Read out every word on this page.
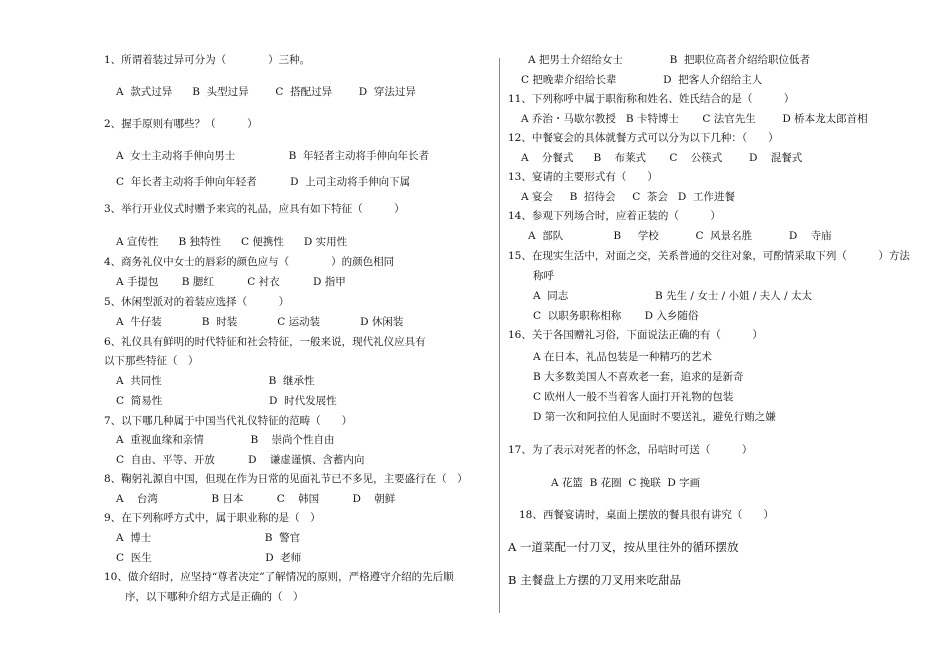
1、所谓着装过异可分为（　　　　）三种。
A  款式过异      B  头型过异        C  搭配过异        D  穿法过异
2、握手原则有哪些？（　　　）
A  女士主动将手伸向男士                B  年轻者主动将手伸向年长者
C  年长者主动将手伸向年轻者          D  上司主动将手伸向下属
3、举行开业仪式时赠予来宾的礼品，应具有如下特征（　　　）
A 宣传性      B 独特性      C 便携性      D 实用性
4、商务礼仪中女士的唇彩的颜色应与（　　　　）的颜色相同
A 手提包       B 腮红          C 衬衣          D 指甲
5、休闲型派对的着装应选择（　　　）
A  牛仔装            B  时装            C 运动装            D 休闲装
6、礼仪具有鲜明的时代特征和社会特征，一般来说，现代礼仪应具有
以下那些特征（　）
A  共同性                                B  继承性
C  简易性                                D  时代发展性
7、以下哪几种属于中国当代礼仪特征的范畴（　　）
A  重视血缘和亲情              B    崇尚个性自由
C  自由、平等、开放          D    谦虚谨慎、含蓄内向
8、鞠躬礼源自中国，但现在作为日常的见面礼节已不多见，主要盛行在（　）
A    台湾                B 日本          C    韩国          D    朝鲜
9、在下列称呼方式中，属于职业称的是（　）
A  博士                                  B  警官
C  医生                                  D  老师
10、做介绍时，应坚持“尊者决定”了解情况的原则，严格遵守介绍的先后顺
序，以下哪种介绍方式是正确的（　）
A 把男士介绍给女士              B  把职位高者介绍给职位低者
C 把晚辈介绍给长辈              D  把客人介绍给主人
11、下列称呼中属于职衔称和姓名、姓氏结合的是（　　　）
A 乔治・马歇尔教授   B 卡特博士       C 法官先生        D 桥本龙太郎首相
12、中餐宴会的具体就餐方式可以分为以下几种：（　　）
A    分餐式      B    布莱式       C    公筷式        D    混餐式
13、宴请的主要形式有（　　）
A 宴会     B  招待会     C  茶会   D  工作进餐
14、参观下列场合时，应着正装的（　　　）
A  部队               B     学校           C  风景名胜           D    寺庙
15、在现实生活中，对面之交，关系普通的交往对象，可酌情采取下列（　　　）方法
称呼
A  同志                          B 先生 / 女士 / 小姐 / 夫人 / 太太
C  以职务职称相称       D 入乡随俗
16、关于各国赠礼习俗，下面说法正确的有（　　　）
A 在日本，礼品包装是一种精巧的艺术
B 大多数美国人不喜欢老一套，追求的是新奇
C 欧州人一般不当着客人面打开礼物的包装
D 第一次和阿拉伯人见面时不要送礼，避免行贿之嫌
17、为了表示对死者的怀念，吊唁时可送（　　　）
A 花篮  B 花圈  C 挽联  D 字画
18、西餐宴请时，桌面上摆放的餐具很有讲究（　　）
A 一道菜配一付刀叉，按从里往外的循环摆放
B 主餐盘上方摆的刀叉用来吃甜品
